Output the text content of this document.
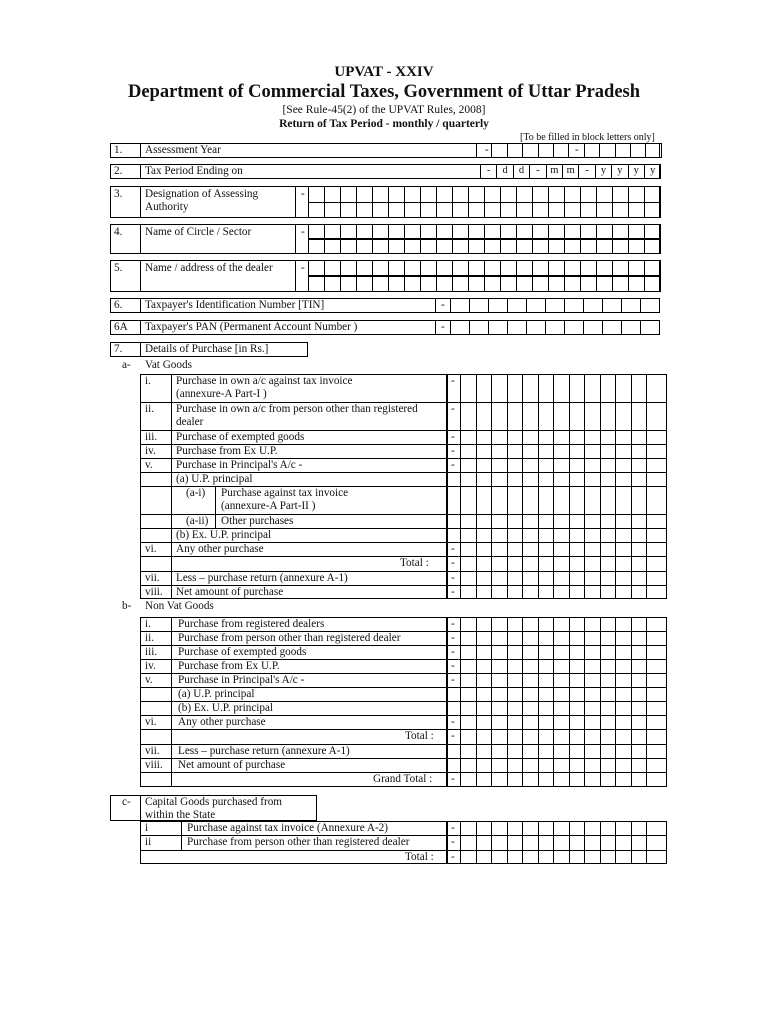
UPVAT - XXIV
Department of Commercial Taxes, Government of Uttar Pradesh
[See Rule-45(2) of the UPVAT Rules, 2008]
Return of Tax Period - monthly / quarterly
[To be filled in block letters only]
1. Assessment Year	-	-
2. Tax Period Ending on	-	d	d	-	m m	-	y	y	y	y
3. Designation of Assessing
Authority
-
4. Name of Circle / Sector	-
5. Name / address of the dealer	-
6. Taxpayer's Identification Number [TIN]	-
6A Taxpayer's PAN (Permanent Account Number )	-
7. Details of Purchase [in Rs.]
a- Vat Goods
i. Purchase in own a/c against tax invoice
(annexure-A Part-I )
-
ii. Purchase in own a/c from person other than registered
dealer
-
iii. Purchase of exempted goods	-
iv. Purchase from Ex U.P.	-
v. Purchase in Principal's A/c -	-
(a) U.P. principal
(a-i) Purchase against tax invoice
(annexure-A Part-II )
(a-ii) Other purchases
(b) Ex. U.P. principal
vi. Any other purchase	-
Total : -
vii. Less – purchase return (annexure A-1)	-
viii. Net amount of purchase	-
b- Non Vat Goods
i. Purchase from registered dealers	-
ii. Purchase from person other than registered dealer	-
iii. Purchase of exempted goods	-
iv. Purchase from Ex U.P.	-
v. Purchase in Principal's A/c -	-
(a) U.P. principal
(b) Ex. U.P. principal
vi. Any other purchase	-
Total : -
vii. Less – purchase return (annexure A-1)
viii. Net amount of purchase
Grand Total : -
c- Capital Goods purchased from
within the State
i	Purchase against tax invoice (Annexure A-2)	-
ii	Purchase from person other than registered dealer	-
Total : -
